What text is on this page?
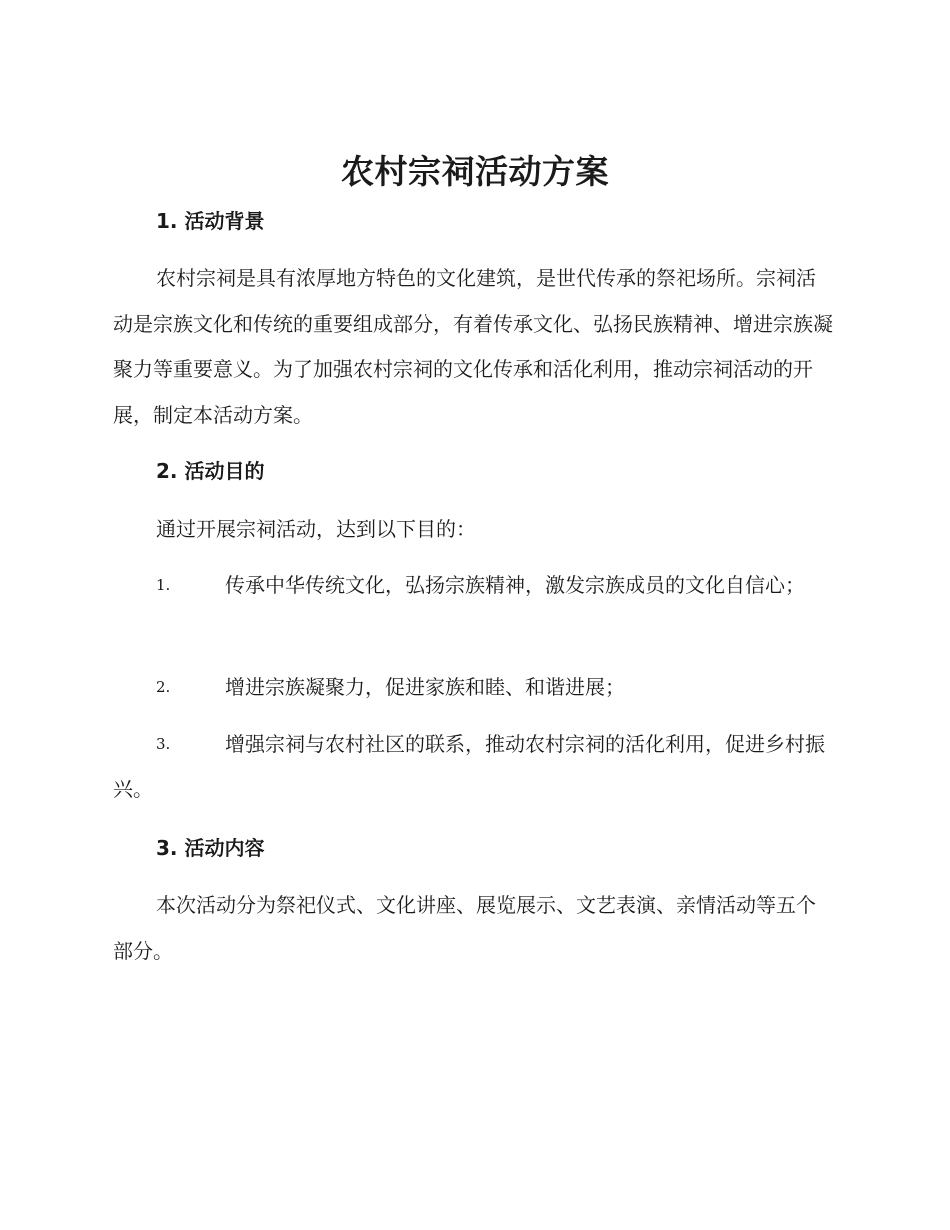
农村宗祠活动方案
1. 活动背景

农村宗祠是具有浓厚地方特色的文化建筑，是世代传承的祭祀场所。宗祠活动是宗族文化和传统的重要组成部分，有着传承文化、弘扬民族精神、增进宗族凝聚力等重要意义。为了加强农村宗祠的文化传承和活化利用，推动宗祠活动的开展，制定本活动方案。

2. 活动目的
通过开展宗祠活动，达到以下目的：
1.	传承中华传统文化，弘扬宗族精神，激发宗族成员的文化自信心；
2.	增进宗族凝聚力，促进家族和睦、和谐进展；
3.	增强宗祠与农村社区的联系，推动农村宗祠的活化利用，促进乡村振兴。
3. 活动内容

本次活动分为祭祀仪式、文化讲座、展览展示、文艺表演、亲情活动等五个部分。
